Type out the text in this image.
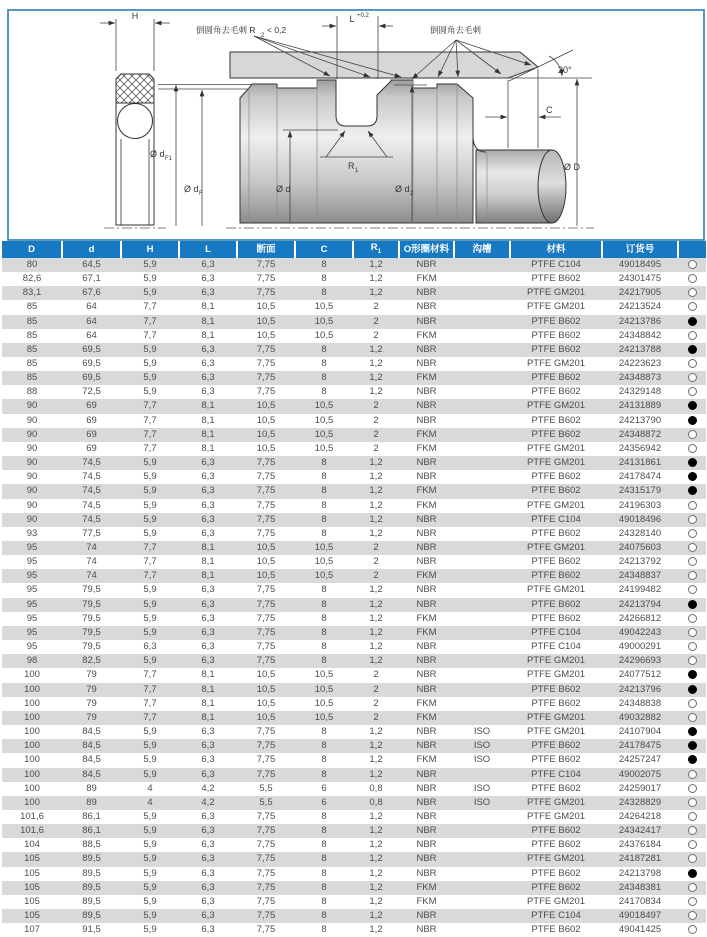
H	L +0,2
倒圆角去毛刺 R
2
< 0,2	倒圆角去毛刺
20°
C
Ø d F1
Ø d F	Ø d	Ø d 2
R 1	Ø D
D	d	H	L	断面	C	$R_1$	O形圈材料	沟槽	材料	订货号	
80	64,5	5,9	6,3	7,75	8	1,2	NBR		PTFE C104	49018495	
82,6	67,1	5,9	6,3	7,75	8	1,2	FKM		PTFE B602	24301475	
83,1	67,6	5,9	6,3	7,75	8	1,2	NBR		PTFE GM201	24217905	
85	64	7,7	8,1	10,5	10,5	2	NBR		PTFE GM201	24213524	
85	64	7,7	8,1	10,5	10,5	2	NBR		PTFE B602	24213786	
85	64	7,7	8,1	10,5	10,5	2	FKM		PTFE B602	24348842	
85	69,5	5,9	6,3	7,75	8	1,2	NBR		PTFE B602	24213788	
85	69,5	5,9	6,3	7,75	8	1,2	NBR		PTFE GM201	24223623	
85	69,5	5,9	6,3	7,75	8	1,2	FKM		PTFE B602	24348873	
88	72,5	5,9	6,3	7,75	8	1,2	NBR		PTFE B602	24329148	
90	69	7,7	8,1	10,5	10,5	2	NBR		PTFE GM201	24131889	
90	69	7,7	8,1	10,5	10,5	2	NBR		PTFE B602	24213790	
90	69	7,7	8,1	10,5	10,5	2	FKM		PTFE B602	24348872	
90	69	7,7	8,1	10,5	10,5	2	FKM		PTFE GM201	24356942	
90	74,5	5,9	6,3	7,75	8	1,2	NBR		PTFE GM201	24131861	
90	74,5	5,9	6,3	7,75	8	1,2	NBR		PTFE B602	24178474	
90	74,5	5,9	6,3	7,75	8	1,2	FKM		PTFE B602	24315179	
90	74,5	5,9	6,3	7,75	8	1,2	FKM		PTFE GM201	24196303	
90	74,5	5,9	6,3	7,75	8	1,2	NBR		PTFE C104	49018496	
93	77,5	5,9	6,3	7,75	8	1,2	NBR		PTFE B602	24328140	
95	74	7,7	8,1	10,5	10,5	2	NBR		PTFE GM201	24075603	
95	74	7,7	8,1	10,5	10,5	2	NBR		PTFE B602	24213792	
95	74	7,7	8,1	10,5	10,5	2	FKM		PTFE B602	24348837	
95	79,5	5,9	6,3	7,75	8	1,2	NBR		PTFE GM201	24199482	
95	79,5	5,9	6,3	7,75	8	1,2	NBR		PTFE B602	24213794	
95	79,5	5,9	6,3	7,75	8	1,2	FKM		PTFE B602	24266812	
95	79,5	5,9	6,3	7,75	8	1,2	FKM		PTFE C104	49042243	
95	79,5	6,3	6,3	7,75	8	1,2	NBR		PTFE C104	49000291	
98	82,5	5,9	6,3	7,75	8	1,2	NBR		PTFE GM201	24296693	
100	79	7,7	8,1	10,5	10,5	2	NBR		PTFE GM201	24077512	
100	79	7,7	8,1	10,5	10,5	2	NBR		PTFE B602	24213796	
100	79	7,7	8,1	10,5	10,5	2	FKM		PTFE B602	24348838	
100	79	7,7	8,1	10,5	10,5	2	FKM		PTFE GM201	49032882	
100	84,5	5,9	6,3	7,75	8	1,2	NBR	ISO	PTFE GM201	24107904	
100	84,5	5,9	6,3	7,75	8	1,2	NBR	ISO	PTFE B602	24178475	
100	84,5	5,9	6,3	7,75	8	1,2	FKM	ISO	PTFE B602	24257247	
100	84,5	5,9	6,3	7,75	8	1,2	NBR		PTFE C104	49002075	
100	89	4	4,2	5,5	6	0,8	NBR	ISO	PTFE B602	24259017	
100	89	4	4,2	5,5	6	0,8	NBR	ISO	PTFE GM201	24328829	
101,6	86,1	5,9	6,3	7,75	8	1,2	NBR		PTFE GM201	24264218	
101,6	86,1	5,9	6,3	7,75	8	1,2	NBR		PTFE B602	24342417	
104	88,5	5,9	6,3	7,75	8	1,2	NBR		PTFE B602	24376184	
105	89,5	5,9	6,3	7,75	8	1,2	NBR		PTFE GM201	24187281	
105	89,5	5,9	6,3	7,75	8	1,2	NBR		PTFE B602	24213798	
105	89,5	5,9	6,3	7,75	8	1,2	FKM		PTFE B602	24348381	
105	89,5	5,9	6,3	7,75	8	1,2	FKM		PTFE GM201	24170834	
105	89,5	5,9	6,3	7,75	8	1,2	NBR		PTFE C104	49018497	
107	91,5	5,9	6,3	7,75	8	1,2	NBR		PTFE B602	49041425	
